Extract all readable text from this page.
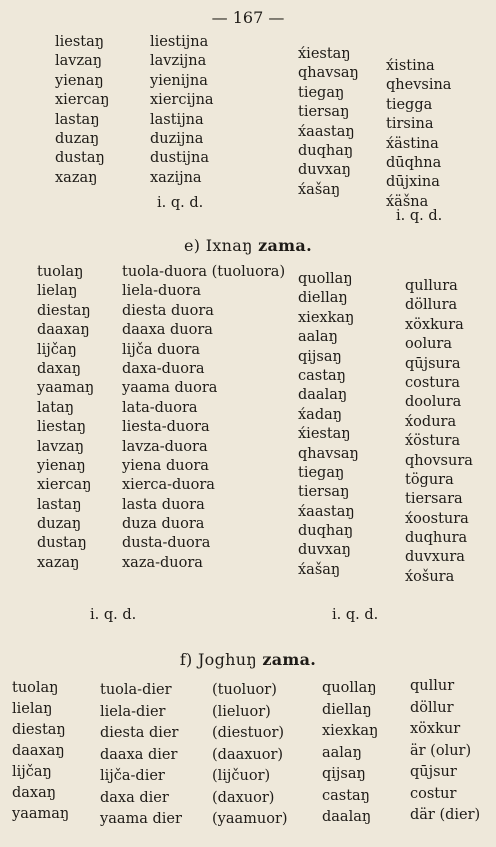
— 167 —
liestaŋ
lavzaŋ
yienaŋ
xiercaŋ
lastaŋ
duzaŋ
dustaŋ
xazaŋ
liestijna
lavzijna
yienijna
xiercijna
lastijna
duzijna
dustijna
xazijna
x́iestaŋ
qhavsaŋ
tiegaŋ
tiersaŋ
x́aastaŋ
duqhaŋ
duvxaŋ
x́ašaŋ
x́istina
qhevsina
tiegga
tirsina
x́ästina
dūqhna
dūjxina
x́äšna
i. q. d.
i. q. d.
e) Ixnaŋ zama.
tuolaŋ
lielaŋ
diestaŋ
daaxaŋ
lijčaŋ
daxaŋ
yaamaŋ
lataŋ
liestaŋ
lavzaŋ
yienaŋ
xiercaŋ
lastaŋ
duzaŋ
dustaŋ
xazaŋ
tuola-duora (tuoluora)
liela-duora
diesta duora
daaxa duora
lijča duora
daxa-duora
yaama duora
lata-duora
liesta-duora
lavza-duora
yiena duora
xierca-duora
lasta duora
duza duora
dusta-duora
xaza-duora
quollaŋ
diellaŋ
xiexkaŋ
aalaŋ
qijsaŋ
castaŋ
daalaŋ
x́adaŋ
x́iestaŋ
qhavsaŋ
tiegaŋ
tiersaŋ
x́aastaŋ
duqhaŋ
duvxaŋ
x́ašaŋ
qullura
döllura
xöxkura
oolura
qūjsura
costura
doolura
x́odura
x́östura
qhovsura
tögura
tiersara
x́oostura
duqhura
duvxura
x́ošura
i. q. d.	i. q. d.
f) Joghuŋ zama.
tuolaŋ
lielaŋ
diestaŋ
daaxaŋ
lijčaŋ
daxaŋ
yaamaŋ
tuola-dier
liela-dier
diesta dier
daaxa dier
lijča-dier
daxa dier
yaama dier
(tuoluor)
(lieluor)
(diestuor)
(daaxuor)
(lijčuor)
(daxuor)
(yaamuor)
quollaŋ
diellaŋ
xiexkaŋ
aalaŋ
qijsaŋ
castaŋ
daalaŋ
qullur
döllur
xöxkur
är (olur)
qūjsur
costur
där (dier)
